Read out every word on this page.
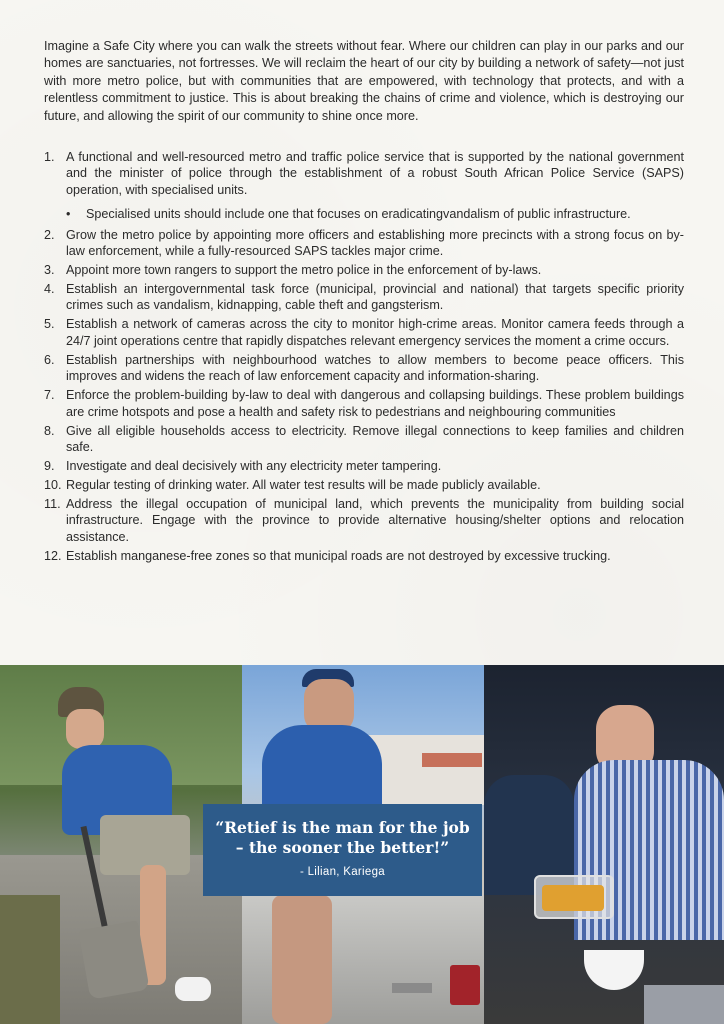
Imagine a Safe City where you can walk the streets without fear. Where our children can play in our parks and our homes are sanctuaries, not fortresses. We will reclaim the heart of our city by building a network of safety—not just with more metro police, but with communities that are empowered, with technology that protects, and with a relentless commitment to justice. This is about breaking the chains of crime and violence, which is destroying our future, and allowing the spirit of our community to shine once more.

1. A functional and well-resourced metro and traffic police service that is supported by the national government and the minister of police through the establishment of a robust South African Police Service (SAPS) operation, with specialised units.
• Specialised units should include one that focuses on eradicatingvandalism of public infrastructure.
2. Grow the metro police by appointing more officers and establishing more precincts with a strong focus on by-law enforcement, while a fully-resourced SAPS tackles major crime.
3. Appoint more town rangers to support the metro police in the enforcement of by-laws.
4. Establish an intergovernmental task force (municipal, provincial and national) that targets specific priority crimes such as vandalism, kidnapping, cable theft and gangsterism.
5. Establish a network of cameras across the city to monitor high-crime areas. Monitor camera feeds through a 24/7 joint operations centre that rapidly dispatches relevant emergency services the moment a crime occurs.
6. Establish partnerships with neighbourhood watches to allow members to become peace officers. This improves and widens the reach of law enforcement capacity and information-sharing.
7. Enforce the problem-building by-law to deal with dangerous and collapsing buildings. These problem buildings are crime hotspots and pose a health and safety risk to pedestrians and neighbouring communities
8. Give all eligible households access to electricity. Remove illegal connections to keep families and children safe.
9. Investigate and deal decisively with any electricity meter tampering.
10. Regular testing of drinking water. All water test results will be made publicly available.
11. Address the illegal occupation of municipal land, which prevents the municipality from building social infrastructure. Engage with the province to provide alternative housing/shelter options and relocation assistance.
12. Establish manganese-free zones so that municipal roads are not destroyed by excessive trucking.
“Retief is the man for the job – the sooner the better!”
- Lilian, Kariega
